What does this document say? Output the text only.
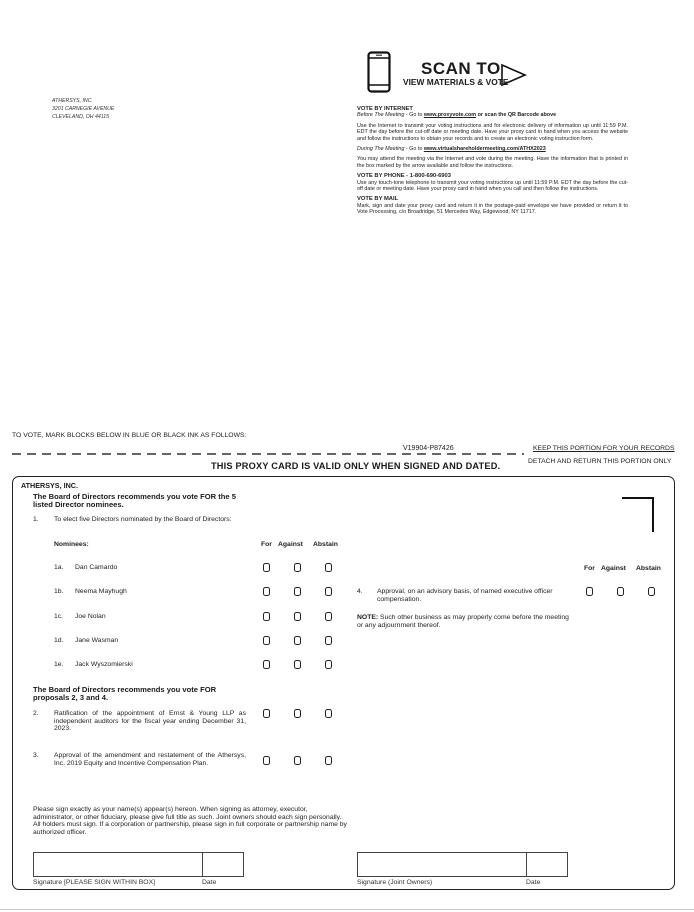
ATHERSYS, INC.
3201 CARNEGIE AVENUE
CLEVELAND, OH 44115
SCAN TO
VIEW MATERIALS & VOTE
VOTE BY INTERNET

Before The Meeting - Go to www.proxyvote.com or scan the QR Barcode above

Use the Internet to transmit your voting instructions and for electronic delivery of information up until 11:59 P.M. EDT the day before the cut-off date or meeting date. Have your proxy card in hand when you access the website and follow the instructions to obtain your records and to create an electronic voting instruction form.

During The Meeting - Go to www.virtualshareholdermeeting.com/ATHX2023

You may attend the meeting via the Internet and vote during the meeting. Have the information that is printed in the box marked by the arrow available and follow the instructions.

VOTE BY PHONE - 1-800-690-6903

Use any touch-tone telephone to transmit your voting instructions up until 11:59 P.M. EDT the day before the cut-off date or meeting date. Have your proxy card in hand when you call and then follow the instructions.

VOTE BY MAIL

Mark, sign and date your proxy card and return it in the postage-paid envelope we have provided or return it to Vote Processing, c/o Broadridge, 51 Mercedes Way, Edgewood, NY 11717.

TO VOTE, MARK BLOCKS BELOW IN BLUE OR BLACK INK AS FOLLOWS:
V19904-P87426	KEEP THIS PORTION FOR YOUR RECORDS
DETACH AND RETURN THIS PORTION ONLY
THIS PROXY CARD IS VALID ONLY WHEN SIGNED AND DATED.
ATHERSYS, INC.
The Board of Directors recommends you vote FOR the 5 listed Director nominees.
1. To elect five Directors nominated by the Board of Directors:
Nominees:	For Against Abstain
1a. Dan Camardo
1b. Neema Mayhugh
1c. Joe Nolan
1d. Jane Wasman
1e. Jack Wyszomierski
The Board of Directors recommends you vote FOR proposals 2, 3 and 4.
2. Ratification of the appointment of Ernst & Young LLP as independent auditors for the fiscal year ending December 31, 2023.
3. Approval of the amendment and restatement of the Athersys, Inc. 2019 Equity and Incentive Compensation Plan.
For Against Abstain
4. Approval, on an advisory basis, of named executive officer compensation.
NOTE: Such other business as may properly come before the meeting or any adjournment thereof.
Please sign exactly as your name(s) appear(s) hereon. When signing as attorney, executor, administrator, or other fiduciary, please give full title as such. Joint owners should each sign personally. All holders must sign. If a corporation or partnership, please sign in full corporate or partnership name by authorized officer.
Signature [PLEASE SIGN WITHIN BOX]	Date	Signature (Joint Owners)	Date
